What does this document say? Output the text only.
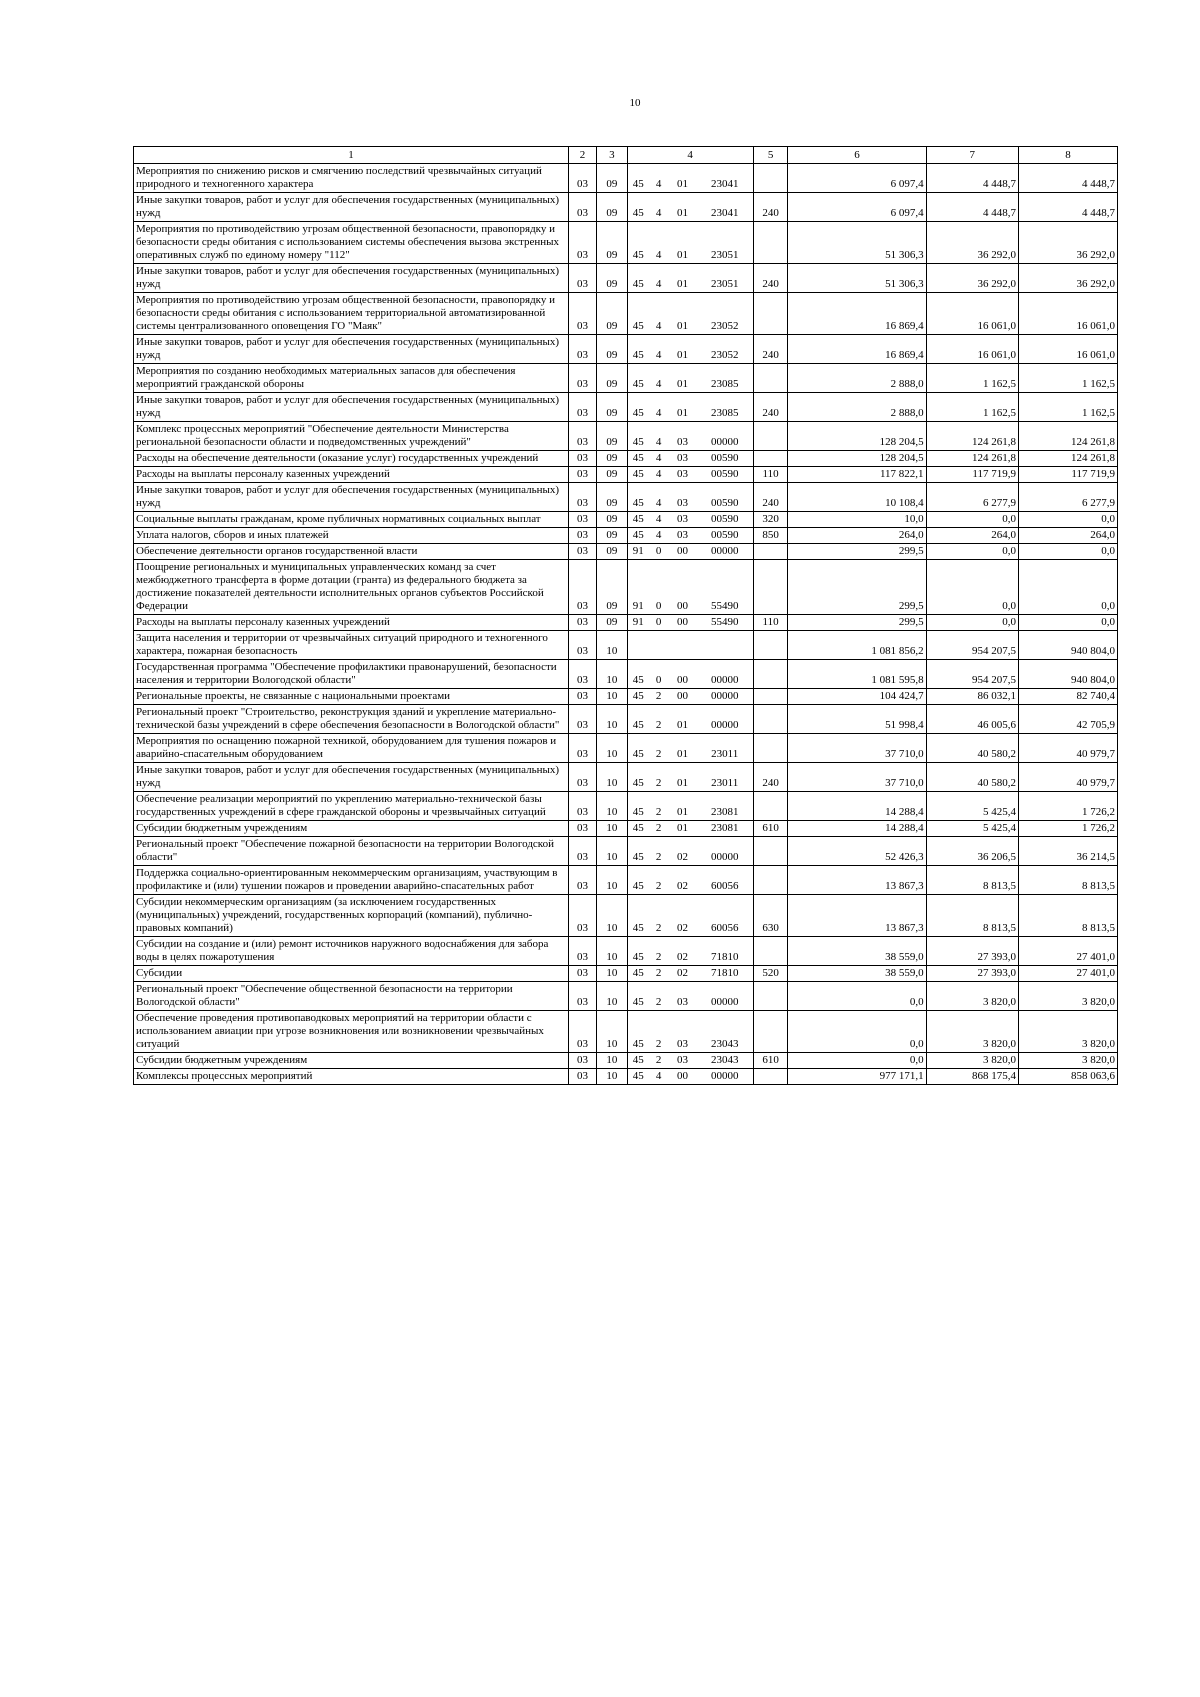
10
1	2	3	4				5	6	7	8
Мероприятия по снижению рисков и смягчению последствий чрезвычайных ситуаций природного и техногенного характера	03	09	45	4	01	23041		6 097,4	4 448,7	4 448,7
Иные закупки товаров, работ и услуг для обеспечения государственных (муниципальных) нужд	03	09	45	4	01	23041	240	6 097,4	4 448,7	4 448,7
Мероприятия по противодействию угрозам общественной безопасности, правопорядку и безопасности среды обитания с использованием системы обеспечения вызова экстренных оперативных служб по единому номеру "112"	03	09	45	4	01	23051		51 306,3	36 292,0	36 292,0
Иные закупки товаров, работ и услуг для обеспечения государственных (муниципальных) нужд	03	09	45	4	01	23051	240	51 306,3	36 292,0	36 292,0
Мероприятия по противодействию угрозам общественной безопасности, правопорядку и безопасности среды обитания с использованием территориальной автоматизированной системы централизованного оповещения ГО "Маяк"	03	09	45	4	01	23052		16 869,4	16 061,0	16 061,0
Иные закупки товаров, работ и услуг для обеспечения государственных (муниципальных) нужд	03	09	45	4	01	23052	240	16 869,4	16 061,0	16 061,0
Мероприятия по созданию необходимых материальных запасов для обеспечения мероприятий гражданской обороны	03	09	45	4	01	23085		2 888,0	1 162,5	1 162,5
Иные закупки товаров, работ и услуг для обеспечения государственных (муниципальных) нужд	03	09	45	4	01	23085	240	2 888,0	1 162,5	1 162,5
Комплекс процессных мероприятий "Обеспечение деятельности Министерства региональной безопасности области и подведомственных учреждений"	03	09	45	4	03	00000		128 204,5	124 261,8	124 261,8
Расходы на обеспечение деятельности (оказание услуг) государственных учреждений	03	09	45	4	03	00590		128 204,5	124 261,8	124 261,8
Расходы на выплаты персоналу казенных учреждений	03	09	45	4	03	00590	110	117 822,1	117 719,9	117 719,9
Иные закупки товаров, работ и услуг для обеспечения государственных (муниципальных) нужд	03	09	45	4	03	00590	240	10 108,4	6 277,9	6 277,9
Социальные выплаты гражданам, кроме публичных нормативных социальных выплат	03	09	45	4	03	00590	320	10,0	0,0	0,0
Уплата налогов, сборов и иных платежей	03	09	45	4	03	00590	850	264,0	264,0	264,0
Обеспечение деятельности органов государственной власти	03	09	91	0	00	00000		299,5	0,0	0,0
Поощрение региональных и муниципальных управленческих команд за счет межбюджетного трансферта в форме дотации (гранта) из федерального бюджета за достижение показателей деятельности исполнительных органов субъектов Российской Федерации	03	09	91	0	00	55490		299,5	0,0	0,0
Расходы на выплаты персоналу казенных учреждений	03	09	91	0	00	55490	110	299,5	0,0	0,0
Защита населения и территории от чрезвычайных ситуаций природного и техногенного характера, пожарная безопасность	03	10						1 081 856,2	954 207,5	940 804,0
Государственная программа "Обеспечение профилактики правонарушений, безопасности населения и территории Вологодской области"	03	10	45	0	00	00000		1 081 595,8	954 207,5	940 804,0
Региональные проекты, не связанные с национальными проектами	03	10	45	2	00	00000		104 424,7	86 032,1	82 740,4
Региональный проект "Строительство, реконструкция зданий и укрепление материально-технической базы учреждений в сфере обеспечения безопасности в Вологодской области"	03	10	45	2	01	00000		51 998,4	46 005,6	42 705,9
Мероприятия по оснащению пожарной техникой, оборудованием для тушения пожаров и аварийно-спасательным оборудованием	03	10	45	2	01	23011		37 710,0	40 580,2	40 979,7
Иные закупки товаров, работ и услуг для обеспечения государственных (муниципальных) нужд	03	10	45	2	01	23011	240	37 710,0	40 580,2	40 979,7
Обеспечение реализации мероприятий по укреплению материально-технической базы государственных учреждений в сфере гражданской обороны и чрезвычайных ситуаций	03	10	45	2	01	23081		14 288,4	5 425,4	1 726,2
Субсидии бюджетным учреждениям	03	10	45	2	01	23081	610	14 288,4	5 425,4	1 726,2
Региональный проект "Обеспечение пожарной безопасности на территории Вологодской области"	03	10	45	2	02	00000		52 426,3	36 206,5	36 214,5
Поддержка социально-ориентированным некоммерческим организациям, участвующим в профилактике и (или) тушении пожаров и проведении аварийно-спасательных работ	03	10	45	2	02	60056		13 867,3	8 813,5	8 813,5
Субсидии некоммерческим организациям (за исключением государственных (муниципальных) учреждений, государственных корпораций (компаний), публично-правовых компаний)	03	10	45	2	02	60056	630	13 867,3	8 813,5	8 813,5
Субсидии на создание и (или) ремонт источников наружного водоснабжения для забора воды в целях пожаротушения	03	10	45	2	02	71810		38 559,0	27 393,0	27 401,0
Субсидии	03	10	45	2	02	71810	520	38 559,0	27 393,0	27 401,0
Региональный проект "Обеспечение общественной безопасности на территории Вологодской области"	03	10	45	2	03	00000		0,0	3 820,0	3 820,0
Обеспечение проведения противопаводковых мероприятий на территории области с использованием авиации при угрозе возникновения или возникновении чрезвычайных ситуаций	03	10	45	2	03	23043		0,0	3 820,0	3 820,0
Субсидии бюджетным учреждениям	03	10	45	2	03	23043	610	0,0	3 820,0	3 820,0
Комплексы процессных мероприятий	03	10	45	4	00	00000		977 171,1	868 175,4	858 063,6
